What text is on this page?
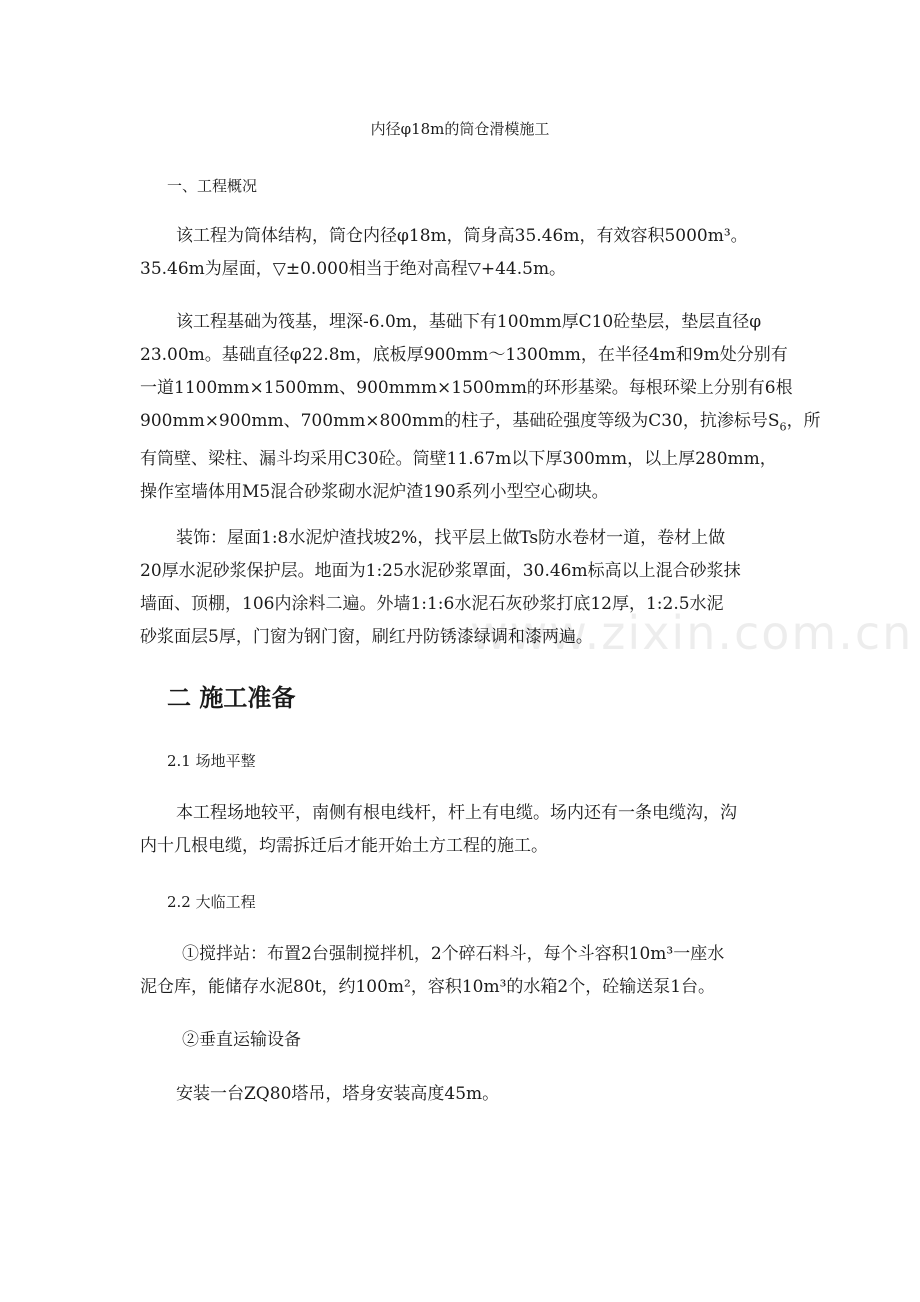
内径φ18m的筒仓滑模施工
一、工程概况
该工程为筒体结构，筒仓内径φ18m，筒身高35.46m，有效容积5000m³。
35.46m为屋面，▽±0.000相当于绝对高程▽+44.5m。
该工程基础为筏基，埋深-6.0m，基础下有100mm厚C10砼垫层，垫层直径φ
23.00m。基础直径φ22.8m，底板厚900mm～1300mm，在半径4m和9m处分别有
一道1100mm×1500mm、900mmm×1500mm的环形基梁。每根环梁上分别有6根
900mm×900mm、700mm×800mm的柱子，基础砼强度等级为C30，抗渗标号$S_6$，所
有筒壁、梁柱、漏斗均采用C30砼。筒壁11.67m以下厚300mm，以上厚280mm，
操作室墙体用M5混合砂浆砌水泥炉渣190系列小型空心砌块。
装饰：屋面1:8水泥炉渣找坡2%，找平层上做Ts防水卷材一道，卷材上做
20厚水泥砂浆保护层。地面为1:25水泥砂浆罩面，30.46m标高以上混合砂浆抹
墙面、顶棚，106内涂料二遍。外墙1:1:6水泥石灰砂浆打底12厚，1:2.5水泥
砂浆面层5厚，门窗为钢门窗，刷红丹防锈漆绿调和漆两遍。
二 施工准备
2.1 场地平整
本工程场地较平，南侧有根电线杆，杆上有电缆。场内还有一条电缆沟，沟
内十几根电缆，均需拆迁后才能开始土方工程的施工。
2.2 大临工程
①搅拌站：布置2台强制搅拌机，2个碎石料斗，每个斗容积10m³一座水
泥仓库，能储存水泥80t，约100m²，容积10m³的水箱2个，砼输送泵1台。
②垂直运输设备
安装一台ZQ80塔吊，塔身安装高度45m。
www.zixin.com.cn
